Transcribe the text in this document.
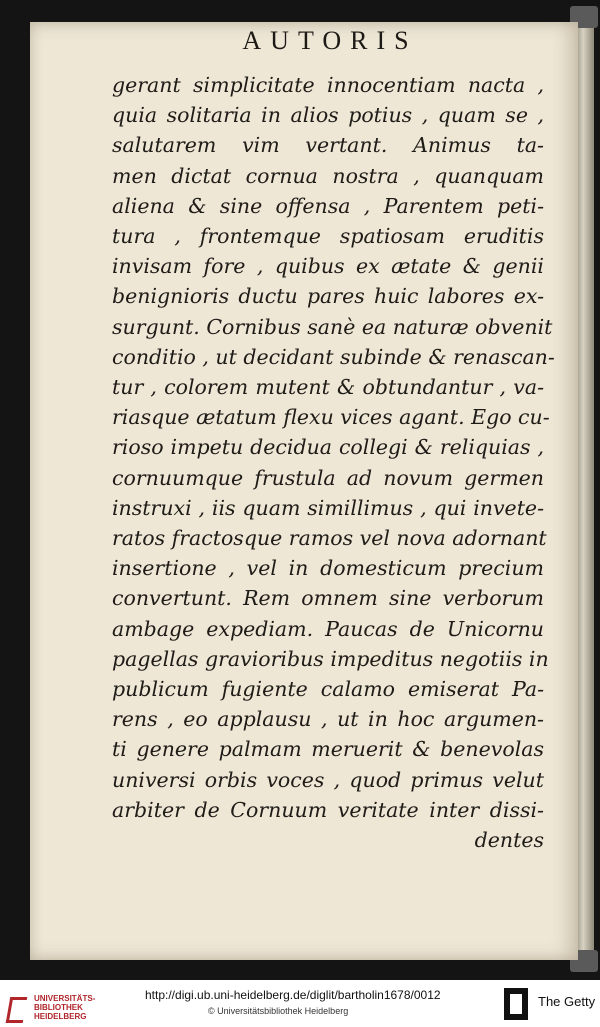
AUTORIS
gerant simplicitate innocentiam nacta ,
quia solitaria in alios potius , quam se ,
salutarem vim vertant. Animus ta-
men dictat cornua nostra , quanquam
aliena & sine offensa , Parentem peti-
tura , frontemque spatiosam eruditis
invisam fore , quibus ex ætate & genii
benignioris ductu pares huic labores ex-
surgunt. Cornibus sanè ea naturæ obvenit
conditio , ut decidant subinde & renascan-
tur , colorem mutent & obtundantur , va-
riasque ætatum flexu vices agant. Ego cu-
rioso impetu decidua collegi & reliquias ,
cornuumque frustula ad novum germen
instruxi , iis quam simillimus , qui invete-
ratos fractosque ramos vel nova adornant
insertione , vel in domesticum precium
convertunt. Rem omnem sine verborum
ambage expediam. Paucas de Unicornu
pagellas gravioribus impeditus negotiis in
publicum fugiente calamo emiserat Pa-
rens , eo applausu , ut in hoc argumen-
ti genere palmam meruerit & benevolas
universi orbis voces , quod primus velut
arbiter de Cornuum veritate inter dissi-
dentes
UNIVERSITÄTS-
BIBLIOTHEK
HEIDELBERG
http://digi.ub.uni-heidelberg.de/diglit/bartholin1678/0012
© Universitätsbibliothek Heidelberg
The Getty
